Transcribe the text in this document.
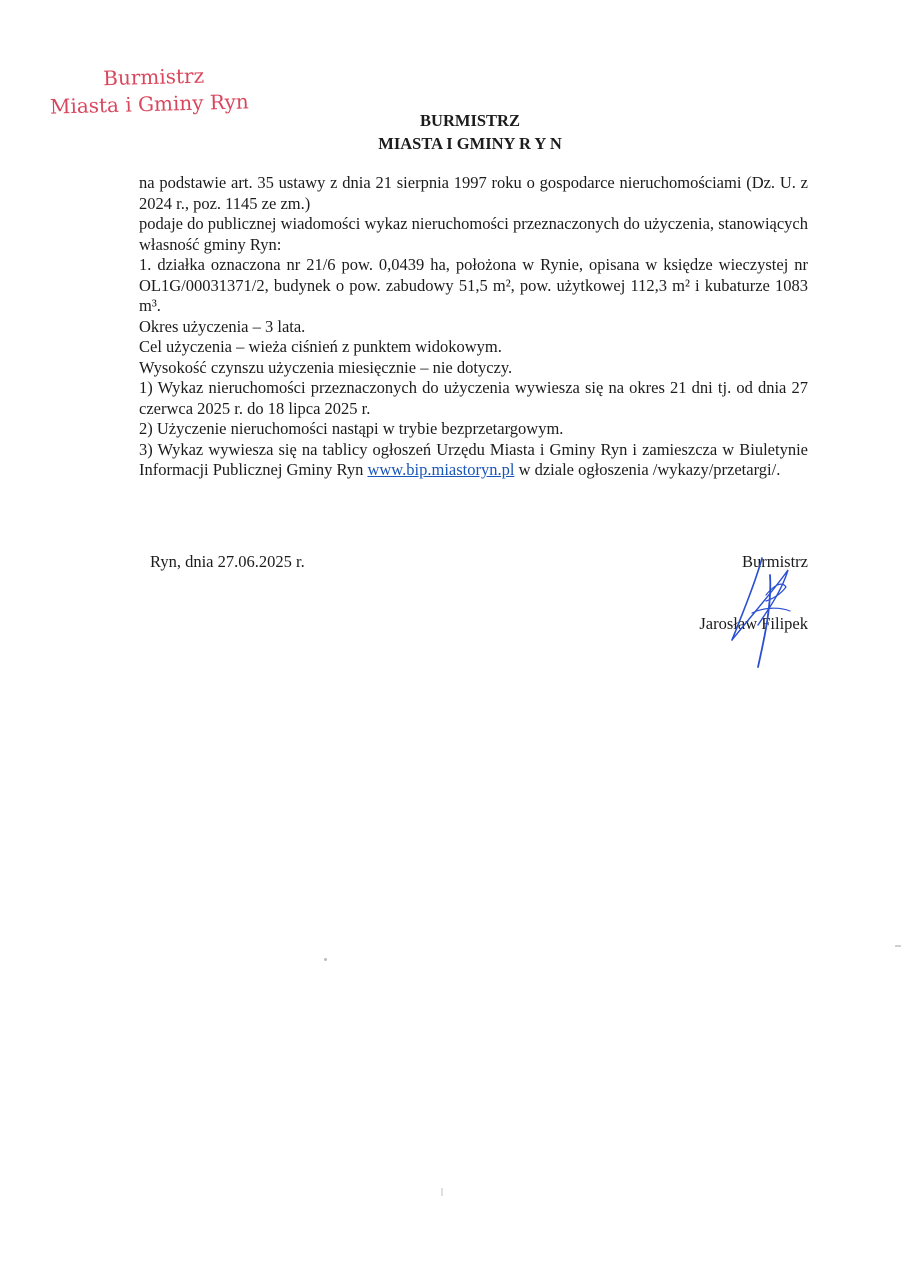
Burmistrz
Miasta i Gminy Ryn
BURMISTRZ
MIASTA I GMINY R Y N

na podstawie art. 35 ustawy z dnia 21 sierpnia 1997 roku o gospodarce nieruchomościami (Dz. U. z 2024 r., poz. 1145 ze zm.)

podaje do publicznej wiadomości wykaz nieruchomości przeznaczonych do użyczenia, stanowiących własność gminy Ryn:

1. działka oznaczona nr 21/6 pow. 0,0439 ha, położona w Rynie, opisana w księdze wieczystej nr OL1G/00031371/2, budynek o pow. zabudowy 51,5 m², pow. użytkowej 112,3 m² i kubaturze 1083 m³.

Okres użyczenia – 3 lata.

Cel użyczenia – wieża ciśnień z punktem widokowym.

Wysokość czynszu użyczenia miesięcznie – nie dotyczy.

1) Wykaz nieruchomości przeznaczonych do użyczenia wywiesza się na okres 21 dni tj. od dnia 27 czerwca 2025 r. do 18 lipca 2025 r.

2) Użyczenie nieruchomości nastąpi w trybie bezprzetargowym.

3) Wykaz wywiesza się na tablicy ogłoszeń Urzędu Miasta i Gminy Ryn i zamieszcza w Biuletynie Informacji Publicznej Gminy Ryn www.bip.miastoryn.pl w dziale ogłoszenia /wykazy/przetargi/.

Ryn, dnia 27.06.2025 r.	Burmistrz
Jarosław Filipek
